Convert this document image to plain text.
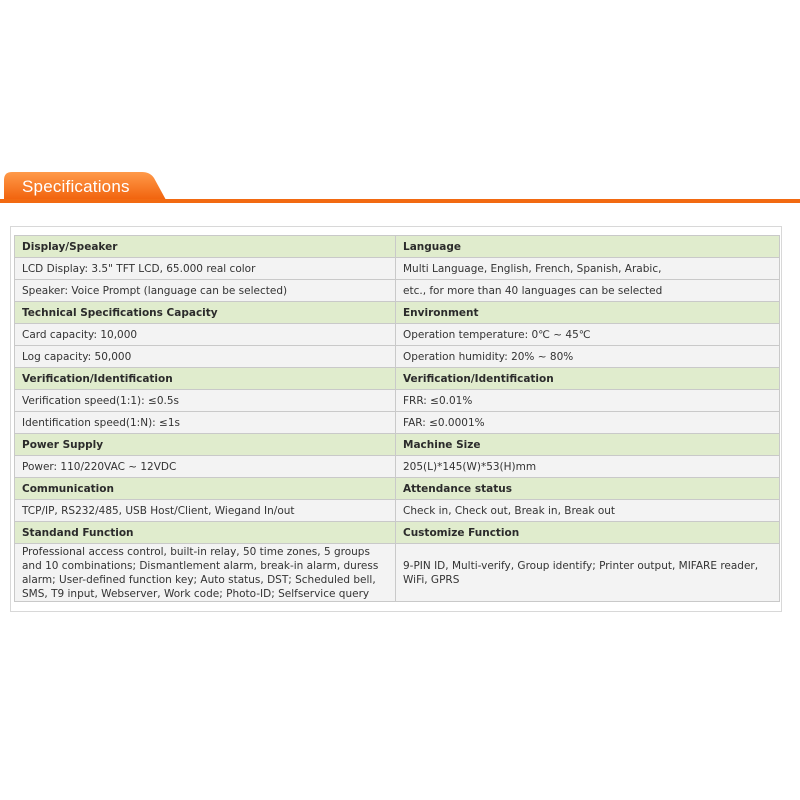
Specifications
Display/Speaker	Language
LCD Display: 3.5" TFT LCD, 65.000 real color	Multi Language, English, French, Spanish, Arabic,
Speaker: Voice Prompt (language can be selected)	etc., for more than 40 languages can be selected
Technical Specifications Capacity	Environment
Card capacity: 10,000	Operation temperature: 0℃ ~ 45℃
Log capacity: 50,000	Operation humidity: 20% ~ 80%
Verification/Identification	Verification/Identification
Verification speed(1:1): ≤0.5s	FRR: ≤0.01%
Identification speed(1:N): ≤1s	FAR: ≤0.0001%
Power Supply	Machine Size
Power: 110/220VAC ~ 12VDC	205(L)*145(W)*53(H)mm
Communication	Attendance status
TCP/IP, RS232/485, USB Host/Client, Wiegand In/out	Check in, Check out, Break in, Break out
Standand Function	Customize Function
Professional access control, built-in relay, 50 time zones, 5 groups and 10 combinations; Dismantlement alarm, break-in alarm, duress alarm; User-defined function key; Auto status, DST; Scheduled bell, SMS, T9 input, Webserver, Work code; Photo-ID; Selfservice query	9-PIN ID, Multi-verify, Group identify; Printer output, MIFARE reader, WiFi, GPRS
